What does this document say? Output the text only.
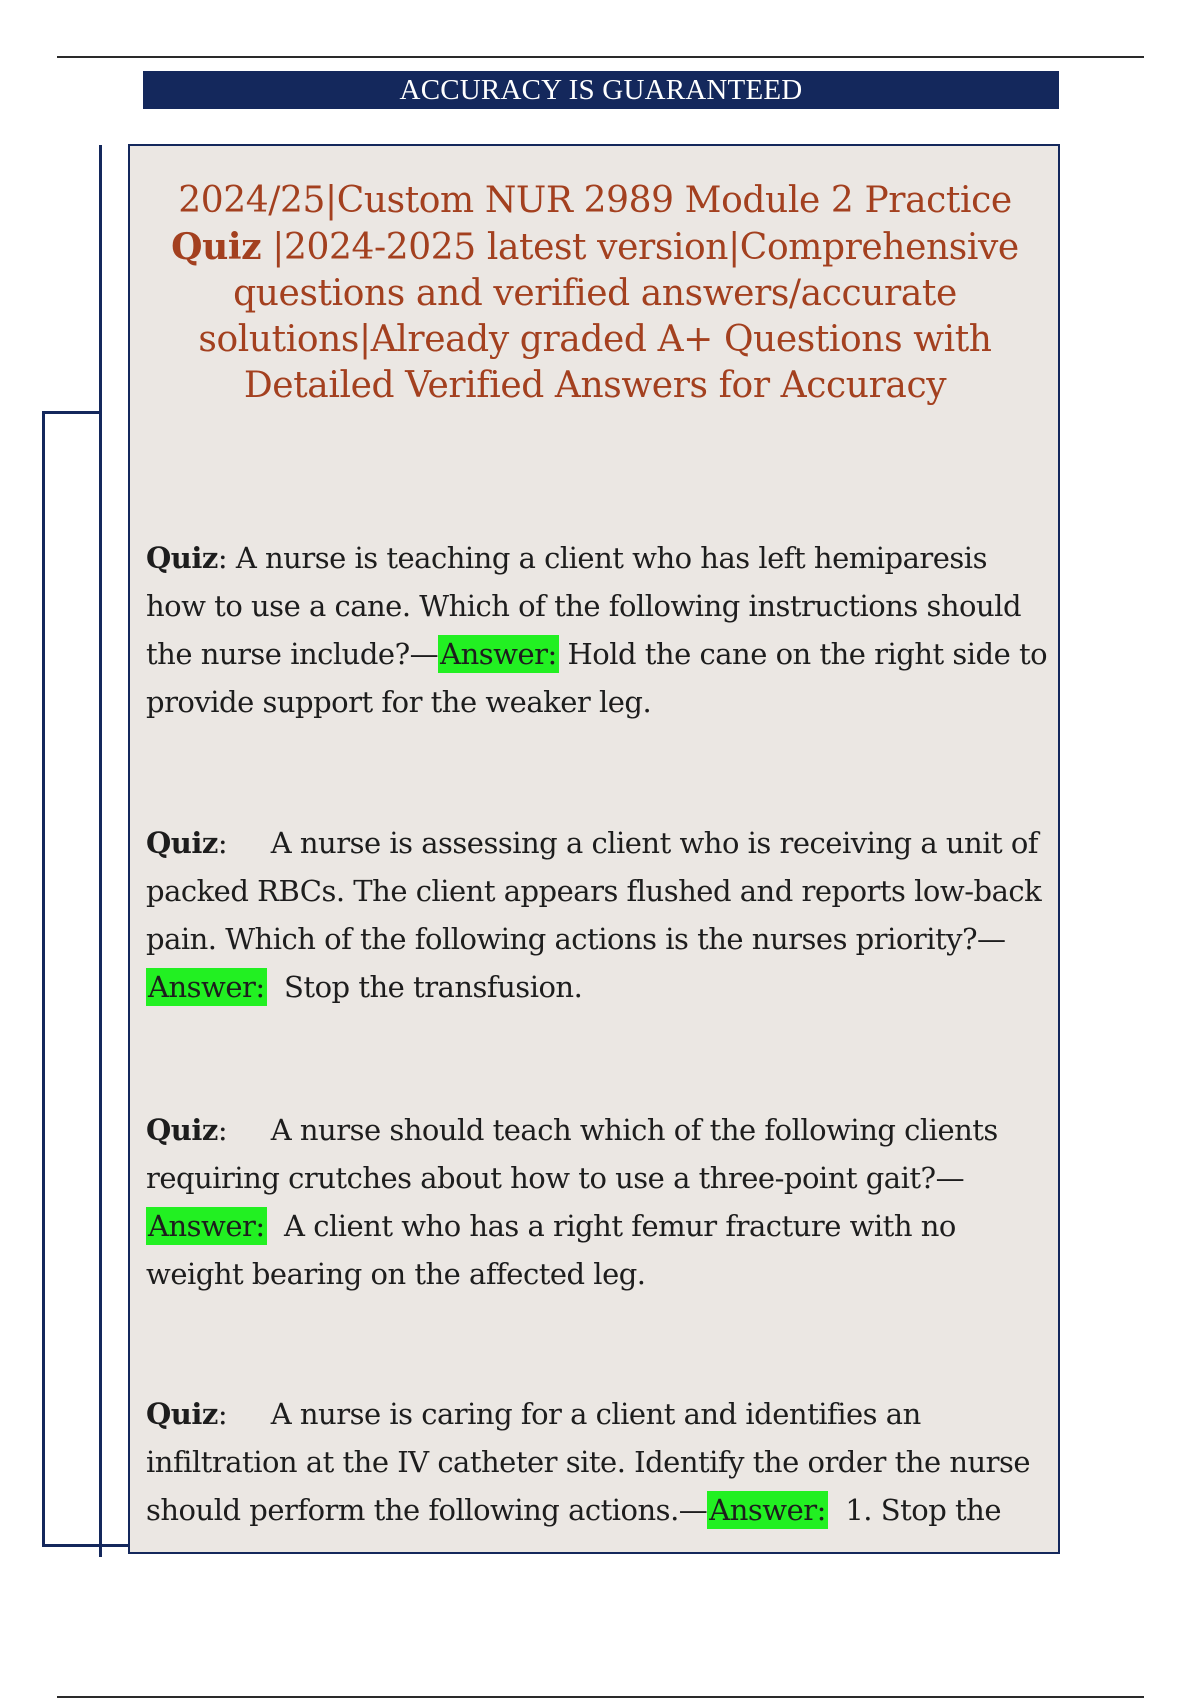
ACCURACY IS GUARANTEED
2024/25|Custom NUR 2989 Module 2 Practice
Quiz |2024-2025 latest version|Comprehensive questions and verified answers/accurate solutions|Already graded A+ Questions with Detailed Verified Answers for Accuracy

Quiz: A nurse is teaching a client who has left hemiparesis how to use a cane. Which of the following instructions should the nurse include?—Answer: Hold the cane on the right side to provide support for the weaker leg.

Quiz:     A nurse is assessing a client who is receiving a unit of packed RBCs. The client appears flushed and reports low-back pain. Which of the following actions is the nurses priority?—Answer:  Stop the transfusion.

Quiz:     A nurse should teach which of the following clients requiring crutches about how to use a three-point gait?—Answer:  A client who has a right femur fracture with no weight bearing on the affected leg.

Quiz:     A nurse is caring for a client and identifies an infiltration at the IV catheter site. Identify the order the nurse should perform the following actions.—Answer:  1. Stop the
